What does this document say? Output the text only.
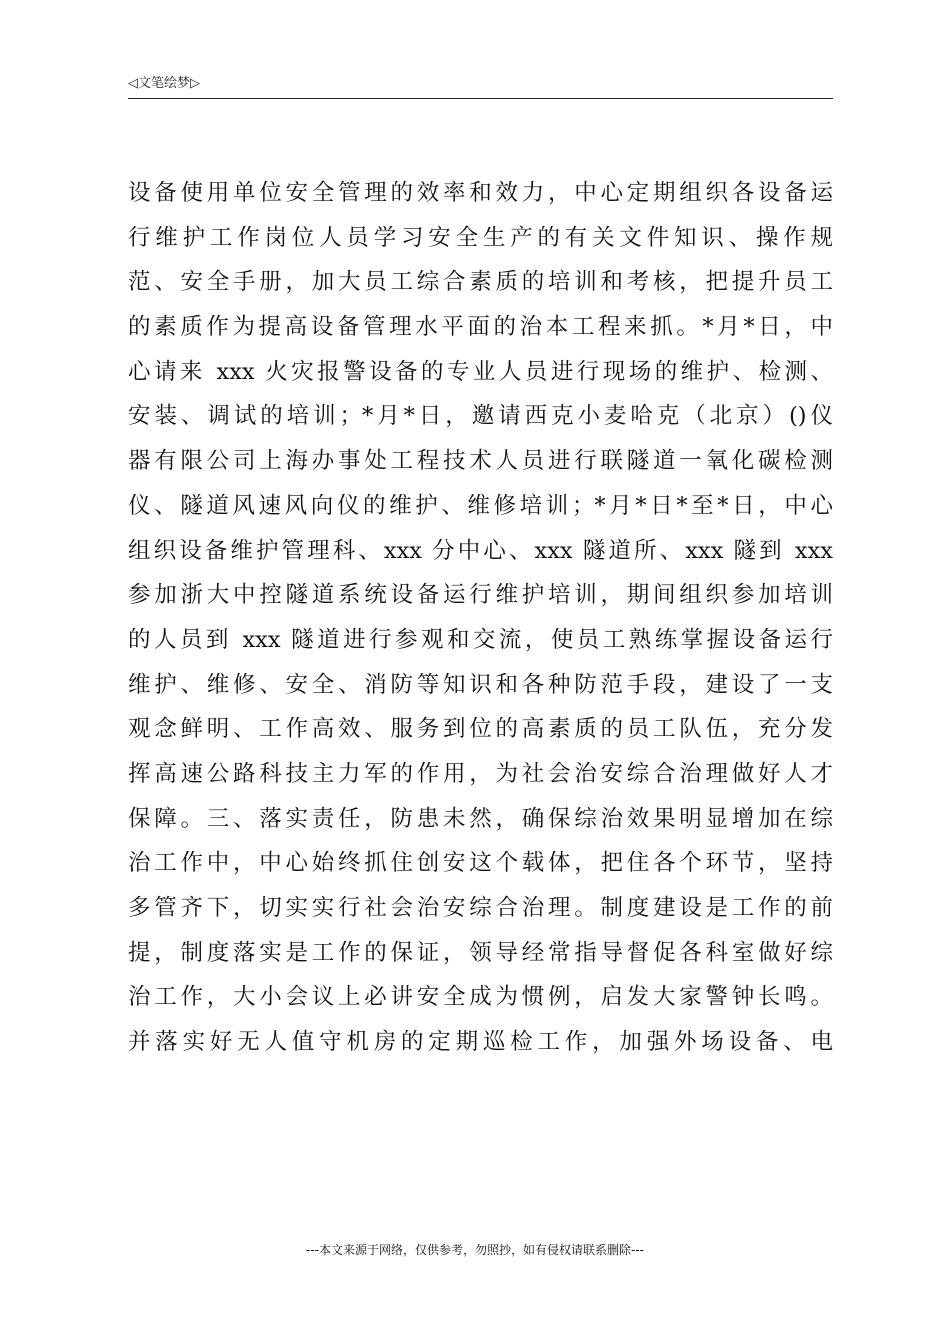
◁文笔绘梦▷
设备使用单位安全管理的效率和效力，中心定期组织各设备运
行维护工作岗位人员学习安全生产的有关文件知识、操作规
范、安全手册，加大员工综合素质的培训和考核，把提升员工
的素质作为提高设备管理水平面的治本工程来抓。*月*日，中
心请来 xxx 火灾报警设备的专业人员进行现场的维护、检测、
安装、调试的培训；*月*日，邀请西克小麦哈克（北京）()仪
器有限公司上海办事处工程技术人员进行联隧道一氧化碳检测
仪、隧道风速风向仪的维护、维修培训；*月*日*至*日，中心
组织设备维护管理科、xxx 分中心、xxx 隧道所、xxx 隧到 xxx
参加浙大中控隧道系统设备运行维护培训，期间组织参加培训
的人员到 xxx 隧道进行参观和交流，使员工熟练掌握设备运行
维护、维修、安全、消防等知识和各种防范手段，建设了一支
观念鲜明、工作高效、服务到位的高素质的员工队伍，充分发
挥高速公路科技主力军的作用，为社会治安综合治理做好人才
保障。三、落实责任，防患未然，确保综治效果明显增加在综
治工作中，中心始终抓住创安这个载体，把住各个环节，坚持
多管齐下，切实实行社会治安综合治理。制度建设是工作的前
提，制度落实是工作的保证，领导经常指导督促各科室做好综
治工作，大小会议上必讲安全成为惯例，启发大家警钟长鸣。
并落实好无人值守机房的定期巡检工作，加强外场设备、电
---本文来源于网络，仅供参考，勿照抄，如有侵权请联系删除---
